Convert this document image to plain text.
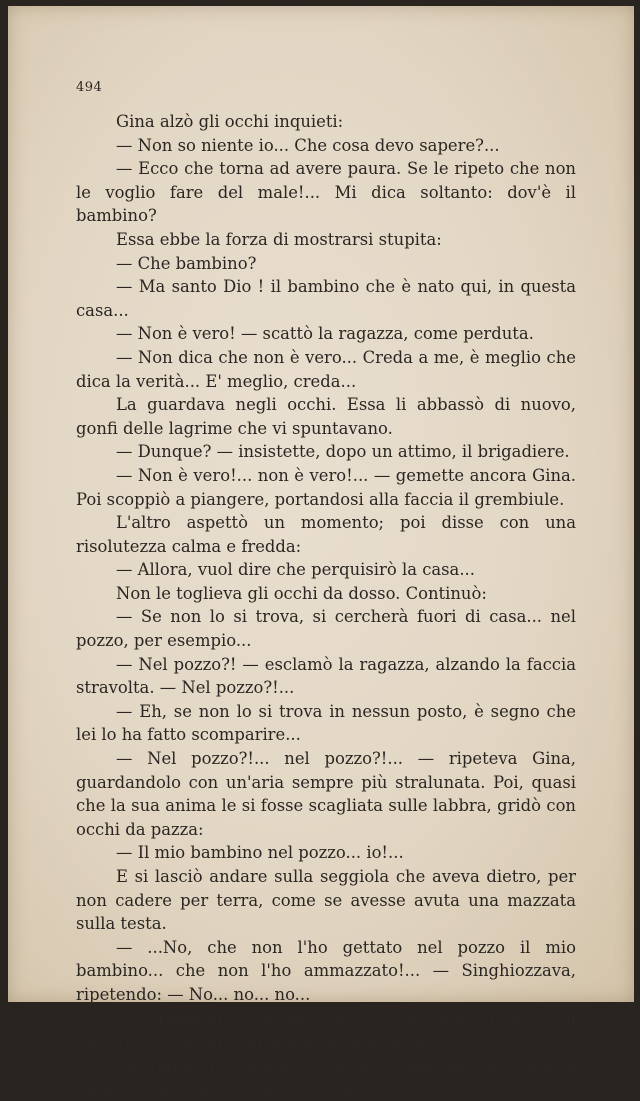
494

Gina alzò gli occhi inquieti:

— Non so niente io... Che cosa devo sapere?...

— Ecco che torna ad avere paura. Se le ripeto che non le voglio fare del male!... Mi dica soltanto: dov'è il bambino?

Essa ebbe la forza di mostrarsi stupita:

— Che bambino?

— Ma santo Dio ! il bambino che è nato qui, in questa casa...

— Non è vero! — scattò la ragazza, come perduta.

— Non dica che non è vero... Creda a me, è meglio che dica la verità... E' meglio, creda...

La guardava negli occhi. Essa li abbassò di nuovo, gonfi delle lagrime che vi spuntavano.

— Dunque? — insistette, dopo un attimo, il brigadiere.

— Non è vero!... non è vero!... — gemette ancora Gina. Poi scoppiò a piangere, portandosi alla faccia il grembiule.

L'altro aspettò un momento; poi disse con una risolutezza calma e fredda:

— Allora, vuol dire che perquisirò la casa...

Non le toglieva gli occhi da dosso. Continuò:

— Se non lo si trova, si cercherà fuori di casa... nel pozzo, per esempio...

— Nel pozzo?! — esclamò la ragazza, alzando la faccia stravolta. — Nel pozzo?!...

— Eh, se non lo si trova in nessun posto, è segno che lei lo ha fatto scomparire...

— Nel pozzo?!... nel pozzo?!... — ripeteva Gina, guardandolo con un'aria sempre più stralunata. Poi, quasi che la sua anima le si fosse scagliata sulle labbra, gridò con occhi da pazza:

— Il mio bambino nel pozzo... io!...

E si lasciò andare sulla seggiola che aveva dietro, per non cadere per terra, come se avesse avuta una mazzata sulla testa.

— ...No, che non l'ho gettato nel pozzo il mio bambino... che non l'ho ammazzato!... — Singhiozzava, ripetendo: — No... no... no...

Il brigadiere l'osservava, l'osservava fisso, con l'interesse che gli veniva dal suo mestiere.

La ragazza continuò a dire, senza pensare più a niente, quasi parlasse a se stessa:
